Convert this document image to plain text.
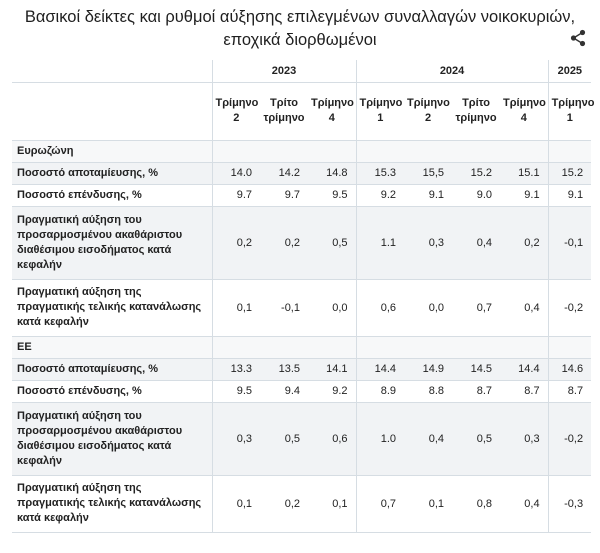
Βασικοί δείκτες και ρυθμοί αύξησης επιλεγμένων συναλλαγών νοικοκυριών, εποχικά διορθωμένοι
	2023			2024				2025
	Τρίμηνο 2	Τρίτο τρίμηνο	Τρίμηνο 4	Τρίμηνο 1	Τρίμηνο 2	Τρίτο τρίμηνο	Τρίμηνο 4	Τρίμηνο 1
Ευρωζώνη								
Ποσοστό αποταμίευσης, %	14.0	14.2	14.8	15.3	15,5	15.2	15.1	15.2
Ποσοστό επένδυσης, %	9.7	9.7	9.5	9.2	9.1	9.0	9.1	9.1
Πραγματική αύξηση του προσαρμοσμένου ακαθάριστου διαθέσιμου εισοδήματος κατά κεφαλήν	0,2	0,2	0,5	1.1	0,3	0,4	0,2	-0,1
Πραγματική αύξηση της πραγματικής τελικής κατανάλωσης κατά κεφαλήν	0,1	-0,1	0,0	0,6	0,0	0,7	0,4	-0,2
ΕΕ								
Ποσοστό αποταμίευσης, %	13.3	13.5	14.1	14.4	14.9	14.5	14.4	14.6
Ποσοστό επένδυσης, %	9.5	9.4	9.2	8.9	8.8	8.7	8.7	8.7
Πραγματική αύξηση του προσαρμοσμένου ακαθάριστου διαθέσιμου εισοδήματος κατά κεφαλήν	0,3	0,5	0,6	1.0	0,4	0,5	0,3	-0,2
Πραγματική αύξηση της πραγματικής τελικής κατανάλωσης κατά κεφαλήν	0,1	0,2	0,1	0,7	0,1	0,8	0,4	-0,3
